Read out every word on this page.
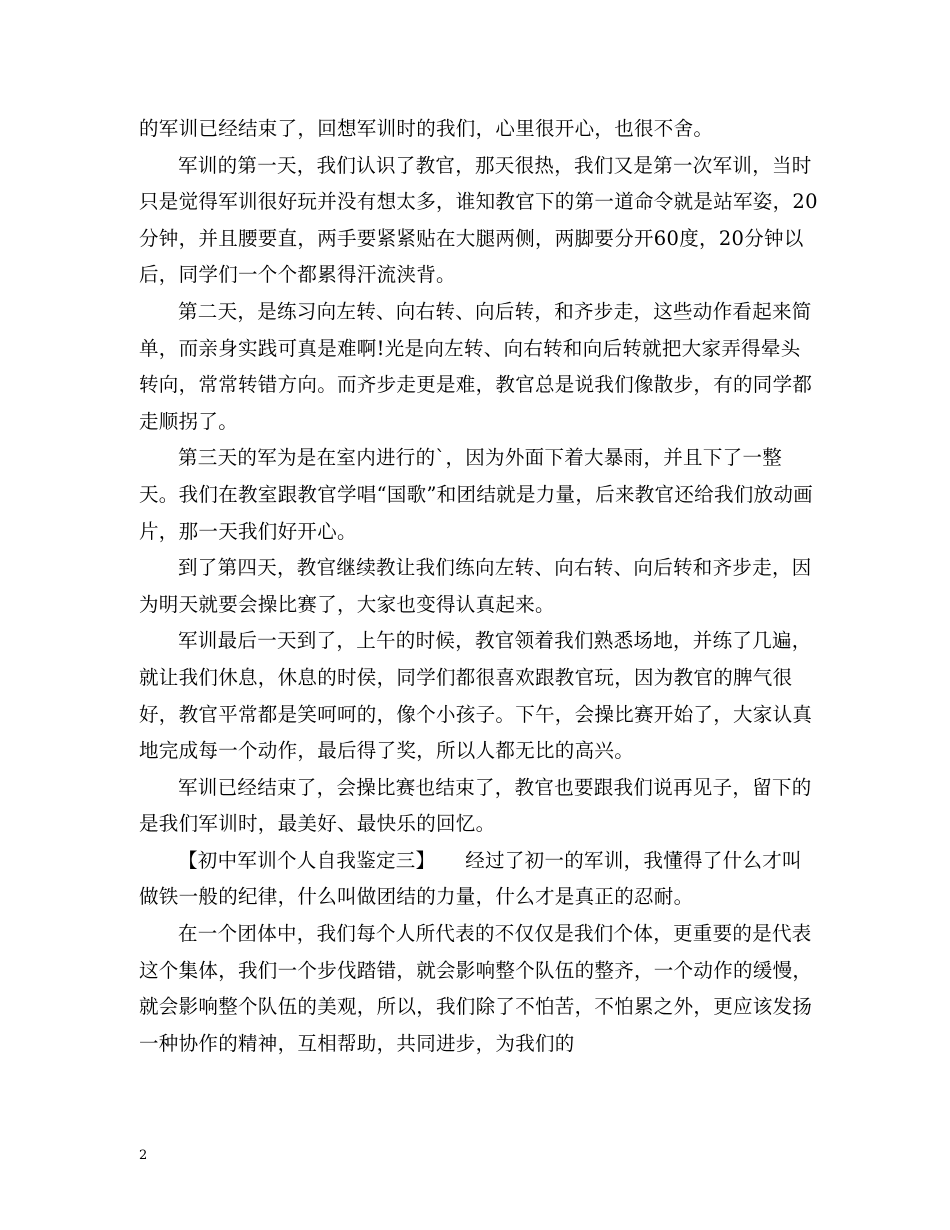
的军训已经结束了，回想军训时的我们，心里很开心，也很不舍。

军训的第一天，我们认识了教官，那天很热，我们又是第一次军训，当时只是觉得军训很好玩并没有想太多，谁知教官下的第一道命令就是站军姿，20分钟，并且腰要直，两手要紧紧贴在大腿两侧，两脚要分开60度，20分钟以后，同学们一个个都累得汗流浃背。

第二天，是练习向左转、向右转、向后转，和齐步走，这些动作看起来简单，而亲身实践可真是难啊!光是向左转、向右转和向后转就把大家弄得晕头转向，常常转错方向。而齐步走更是难，教官总是说我们像散步，有的同学都走顺拐了。

第三天的军为是在室内进行的`，因为外面下着大暴雨，并且下了一整天。我们在教室跟教官学唱“国歌”和团结就是力量，后来教官还给我们放动画片，那一天我们好开心。

到了第四天，教官继续教让我们练向左转、向右转、向后转和齐步走，因为明天就要会操比赛了，大家也变得认真起来。

军训最后一天到了，上午的时候，教官领着我们熟悉场地，并练了几遍，就让我们休息，休息的时侯，同学们都很喜欢跟教官玩，因为教官的脾气很好，教官平常都是笑呵呵的，像个小孩子。下午，会操比赛开始了，大家认真地完成每一个动作，最后得了奖，所以人都无比的高兴。

军训已经结束了，会操比赛也结束了，教官也要跟我们说再见子，留下的是我们军训时，最美好、最快乐的回忆。

【初中军训个人自我鉴定三】　　经过了初一的军训，我懂得了什么才叫做铁一般的纪律，什么叫做团结的力量，什么才是真正的忍耐。

在一个团体中，我们每个人所代表的不仅仅是我们个体，更重要的是代表这个集体，我们一个步伐踏错，就会影响整个队伍的整齐，一个动作的缓慢，就会影响整个队伍的美观，所以，我们除了不怕苦，不怕累之外，更应该发扬一种协作的精神，互相帮助，共同进步，为我们的

2
